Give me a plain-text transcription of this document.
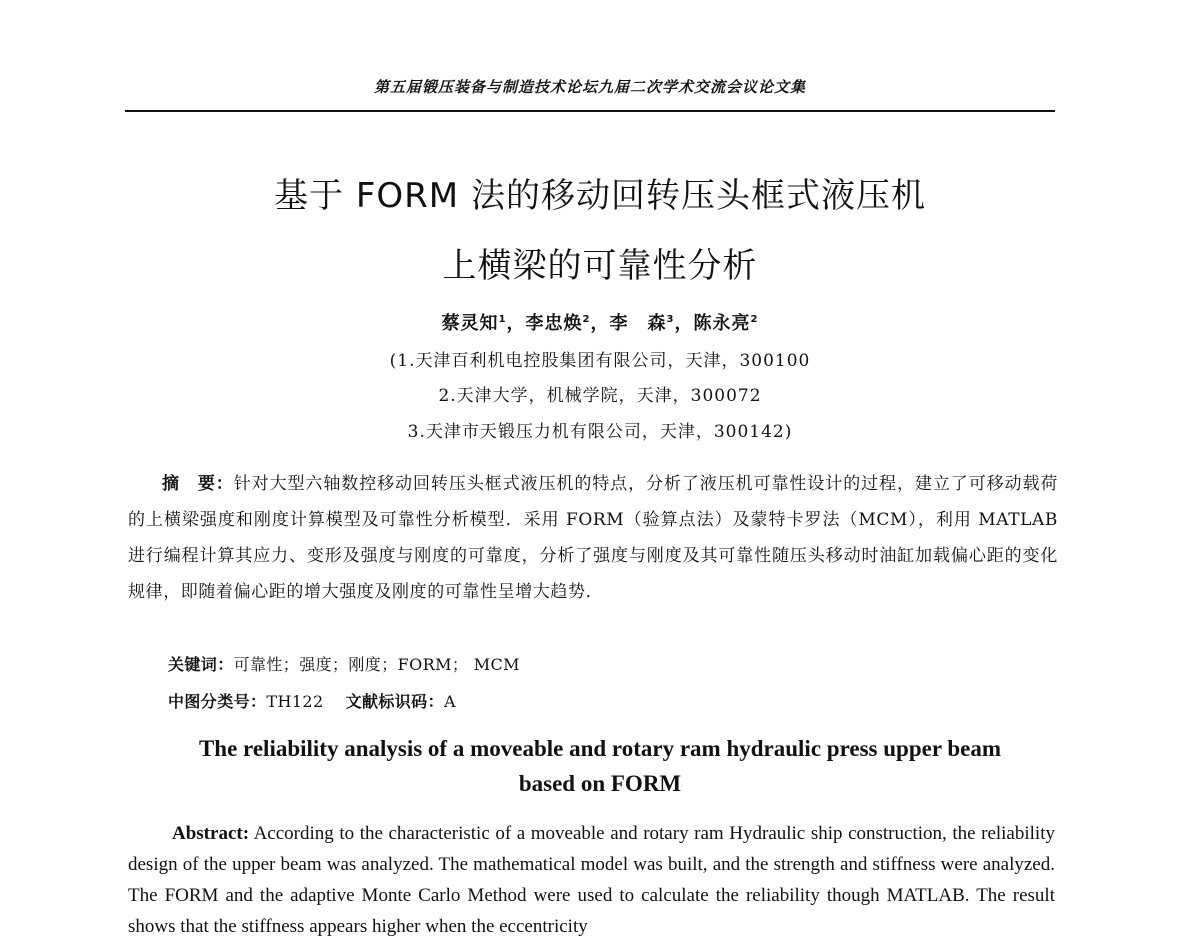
第五届锻压装备与制造技术论坛九届二次学术交流会议论文集
基于 FORM 法的移动回转压头框式液压机
上横梁的可靠性分析
蔡灵知$^1$，李忠焕$^2$，李　森$^3$，陈永亮$^2$
(1.天津百利机电控股集团有限公司，天津，300100
2.天津大学，机械学院，天津，300072
3.天津市天锻压力机有限公司，天津，300142)

摘　要：针对大型六轴数控移动回转压头框式液压机的特点，分析了液压机可靠性设计的过程，建立了可移动载荷的上横梁强度和刚度计算模型及可靠性分析模型．采用 FORM（验算点法）及蒙特卡罗法（MCM），利用 MATLAB 进行编程计算其应力、变形及强度与刚度的可靠度，分析了强度与刚度及其可靠性随压头移动时油缸加载偏心距的变化规律，即随着偏心距的增大强度及刚度的可靠性呈增大趋势．

关键词：可靠性；强度；刚度；FORM； MCM
中图分类号：TH122 文献标识码：A
The reliability analysis of a moveable and rotary ram hydraulic press upper beam
based on FORM

Abstract: According to the characteristic of a moveable and rotary ram Hydraulic ship construction, the reliability design of the upper beam was analyzed. The mathematical model was built, and the strength and stiffness were analyzed. The FORM and the adaptive Monte Carlo Method were used to calculate the reliability though MATLAB. The result shows that the stiffness appears higher when the eccentricity
